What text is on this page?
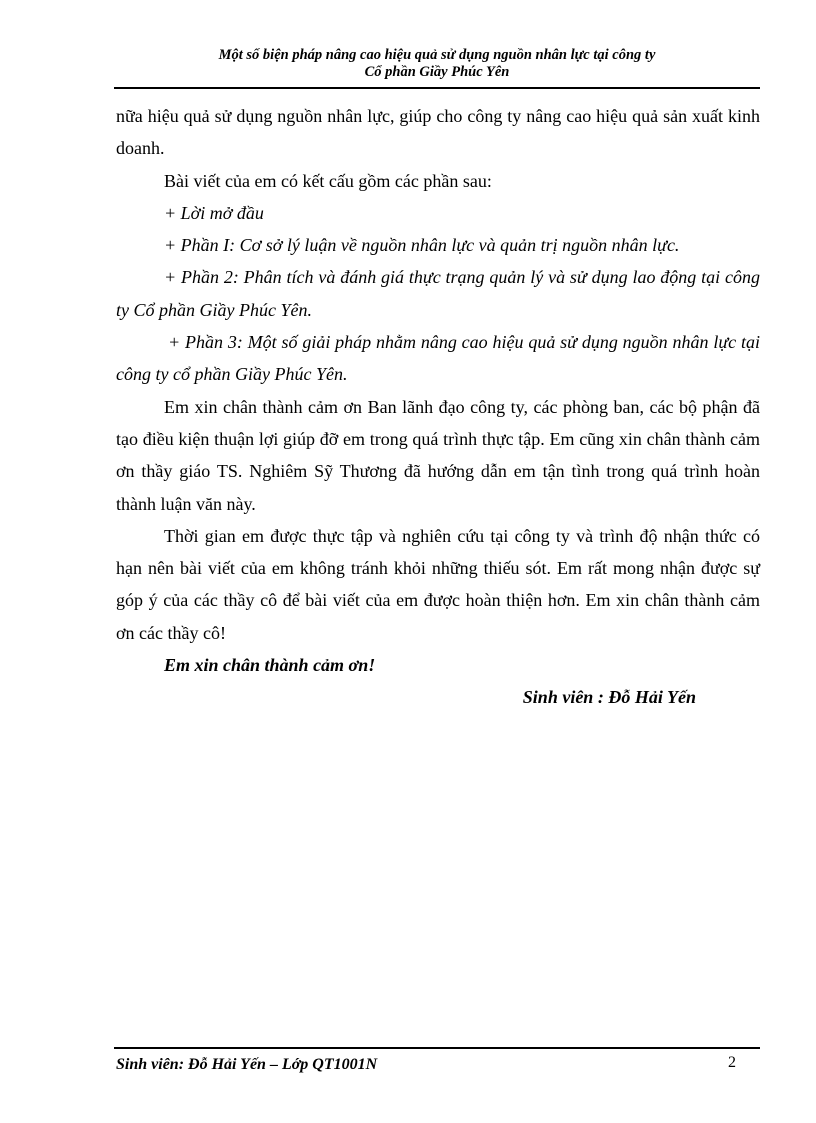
Một số biện pháp nâng cao hiệu quả sử dụng nguồn nhân lực tại công ty
Cổ phần Giầy Phúc Yên

nữa hiệu quả sử dụng nguồn nhân lực, giúp cho công ty nâng cao hiệu quả sản xuất kinh doanh.

Bài viết của em có kết cấu gồm các phần sau:

+ Lời mở đầu

+ Phần I: Cơ sở lý luận về nguồn nhân lực và quản trị nguồn nhân lực.

+ Phần 2: Phân tích và đánh giá thực trạng quản lý và sử dụng lao động tại công ty Cổ phần Giầy Phúc Yên.

+ Phần 3: Một số giải pháp nhằm nâng cao hiệu quả sử dụng nguồn nhân lực tại công ty cổ phần Giầy Phúc Yên.

Em xin chân thành cảm ơn Ban lãnh đạo công ty, các phòng ban, các bộ phận đã tạo điều kiện thuận lợi giúp đỡ em trong quá trình thực tập. Em cũng xin chân thành cảm ơn thầy giáo TS. Nghiêm Sỹ Thương đã hướng dẫn em tận tình trong quá trình hoàn thành luận văn này.

Thời gian em được thực tập và nghiên cứu tại công ty và trình độ nhận thức có hạn nên bài viết của em không tránh khỏi những thiếu sót. Em rất mong nhận được sự góp ý của các thầy cô để bài viết của em được hoàn thiện hơn. Em xin chân thành cảm ơn các thầy cô!

Em xin chân thành cảm ơn!

Sinh viên : Đỗ Hải Yến

Sinh viên: Đỗ Hải Yến – Lớp QT1001N	2
